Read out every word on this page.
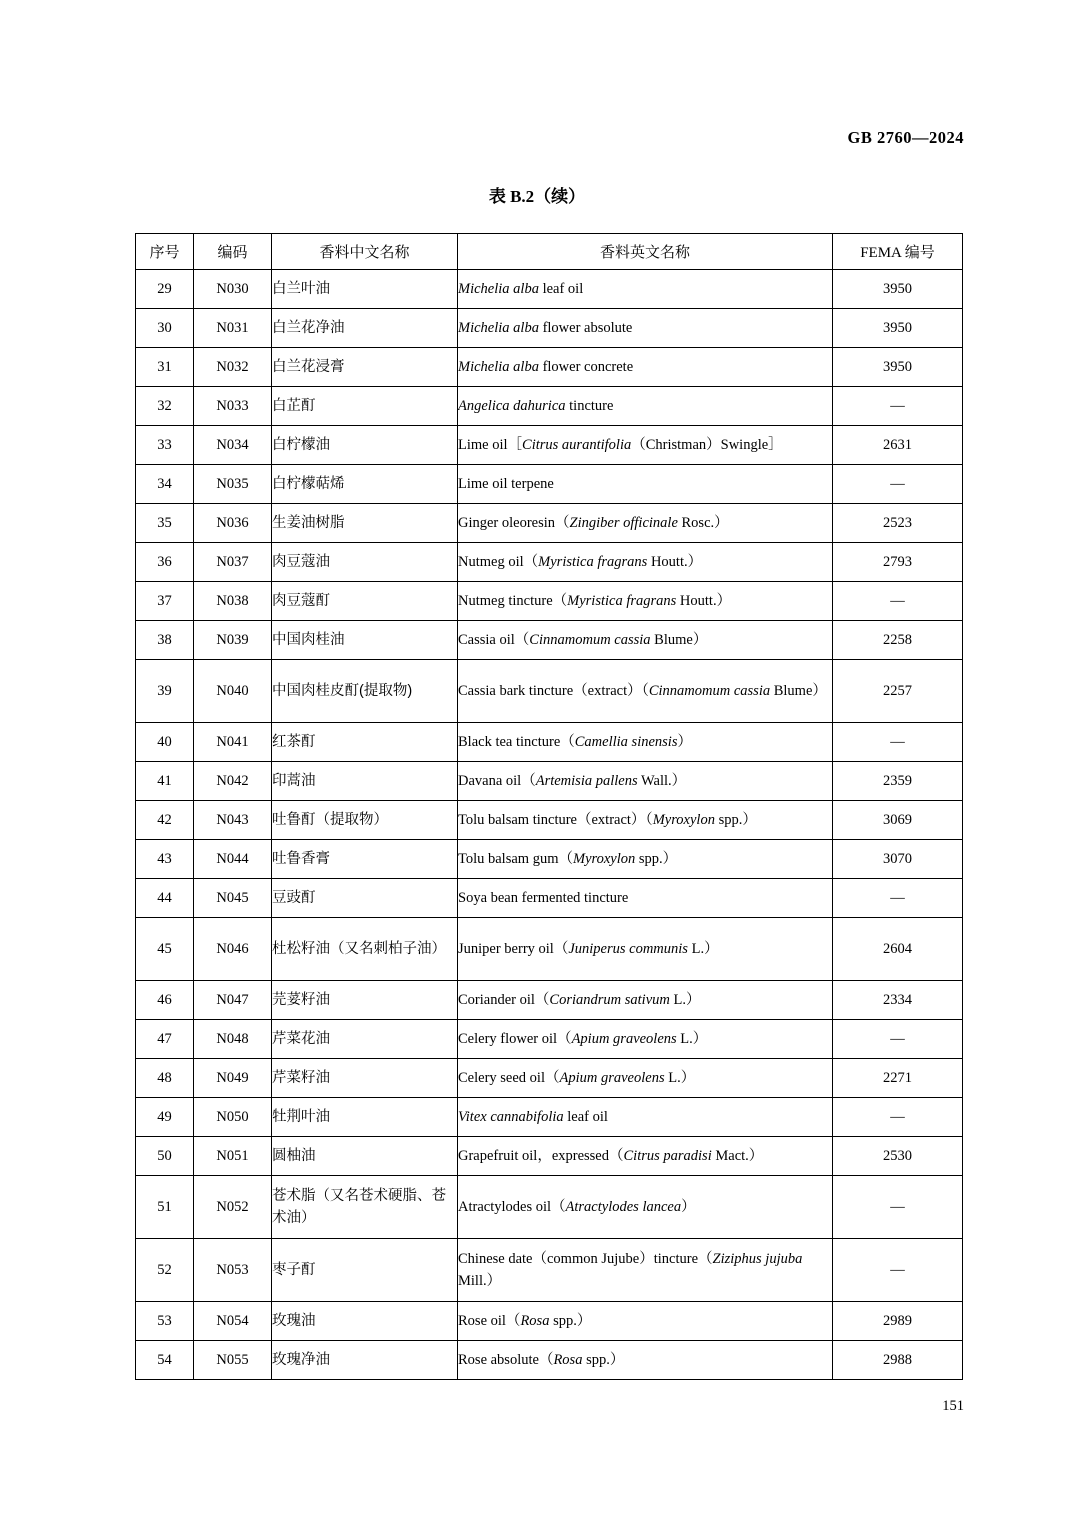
GB 2760—2024
表 B.2（续）
序号	编码	香料中文名称	香料英文名称	FEMA 编号
29	N030	白兰叶油	Michelia alba leaf oil	3950
30	N031	白兰花净油	Michelia alba flower absolute	3950
31	N032	白兰花浸膏	Michelia alba flower concrete	3950
32	N033	白芷酊	Angelica dahurica tincture	—
33	N034	白柠檬油	Lime oil［Citrus aurantifolia（Christman）Swingle］	2631
34	N035	白柠檬萜烯	Lime oil terpene	—
35	N036	生姜油树脂	Ginger oleoresin（Zingiber officinale Rosc.）	2523
36	N037	肉豆蔻油	Nutmeg oil（Myristica fragrans Houtt.）	2793
37	N038	肉豆蔻酊	Nutmeg tincture（Myristica fragrans Houtt.）	—
38	N039	中国肉桂油	Cassia oil（Cinnamomum cassia Blume）	2258
39	N040	中国肉桂皮酊(提取物)	Cassia bark tincture（extract）（Cinnamomum cassia Blume）	2257
40	N041	红茶酊	Black tea tincture（Camellia sinensis）	—
41	N042	印蒿油	Davana oil（Artemisia pallens Wall.）	2359
42	N043	吐鲁酊（提取物）	Tolu balsam tincture（extract）（Myroxylon spp.）	3069
43	N044	吐鲁香膏	Tolu balsam gum（Myroxylon spp.）	3070
44	N045	豆豉酊	Soya bean fermented tincture	—
45	N046	杜松籽油（又名刺柏子油）	Juniper berry oil（Juniperus communis L.）	2604
46	N047	芫荽籽油	Coriander oil（Coriandrum sativum L.）	2334
47	N048	芹菜花油	Celery flower oil（Apium graveolens L.）	—
48	N049	芹菜籽油	Celery seed oil（Apium graveolens L.）	2271
49	N050	牡荆叶油	Vitex cannabifolia leaf oil	—
50	N051	圆柚油	Grapefruit oil，expressed（Citrus paradisi Mact.）	2530
51	N052	苍术脂（又名苍术硬脂、苍术油）	Atractylodes oil（Atractylodes lancea）	—
52	N053	枣子酊	Chinese date（common Jujube）tincture（Ziziphus jujuba Mill.）	—
53	N054	玫瑰油	Rose oil（Rosa spp.）	2989
54	N055	玫瑰净油	Rose absolute（Rosa spp.）	2988
151
